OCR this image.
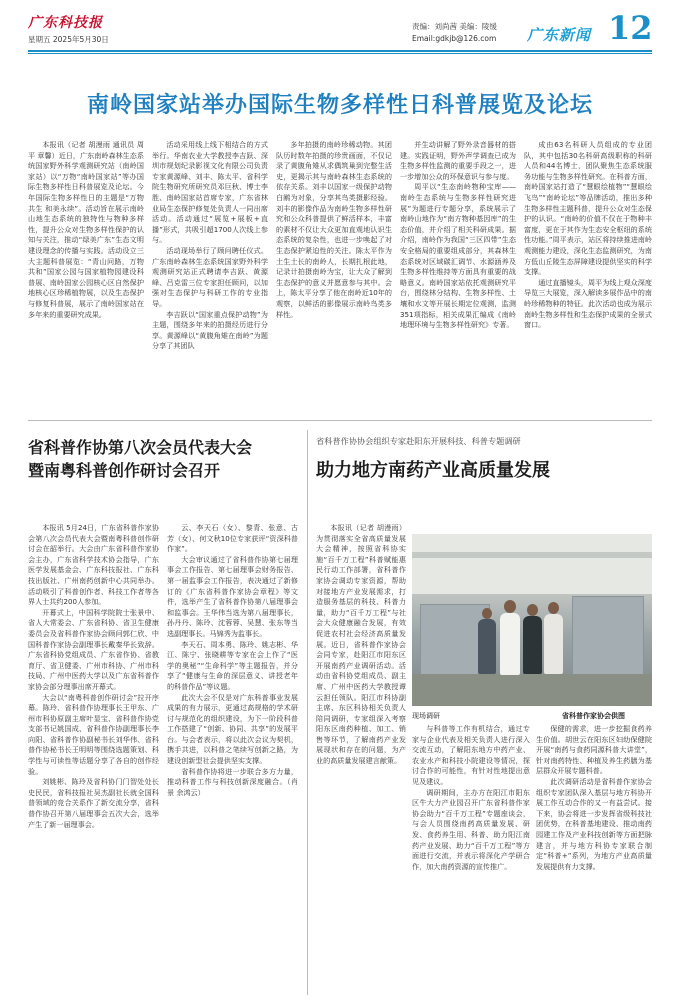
广东科技报
星期五 2025年5月30日
责编：刘尚茜 美编：陵缓
Email:gdkjb@126.com 广东新闻 12
南岭国家站举办国际生物多样性日科普展览及论坛

本报讯（记者 胡漫雨 通讯员 周平 章馨）近日，广东南岭森林生态系统国家野外科学观测研究站（南岭国家站）以“万物“南岭国家站”等办国际生物多样性日科普展览及论坛。今年国际生物多样性日的主题是“万物共生 和美永续”。活动旨在展示南岭山地生态系统的独特性与物种多样性，提升公众对生物多样性保护的认知与关注，推动“绿美广东”生态文明建设理念的传播与实践。活动设立三大主题科普展览：“青山问路，万物共和”国家公园与国家植物园建设科普展、南岭国家公园核心区自然保护地核心区珍稀植物展，以及生态保护与修复科普展，展示了南岭国家站在多年来的重要研究成果。

活动采用线上线下相结合的方式举行。华南农业大学教授李吉跃、深圳市规划纪录影视文化有限公司负责专家黄源峰、刘丰、陈太平、省科学院生物研究所研究员邓巨秋、博士李胜、南岭国家站首席专家，广东省林业局生态保护修复处负责人一同出席活动。活动通过“展览+展板+直播”形式，共吸引超1700人次线上参与。

活动现场举行了顾问聘任仪式。广东南岭森林生态系统国家野外科学观测研究站正式聘请李吉跃、黄源峰、吕克雷三位专家担任顾问，以加强对生态保护与科研工作的专业指导。

李吉跃以“国家重点保护动物”为主题，围绕多年来的拍摄经历进行分享。黄源峰以“黄腹角雉在南岭”为题分享了其团队

多年拍摄的南岭珍稀动物。其团队历时数年拍摄的珍贵画面，不仅记录了黄腹角雉从求偶筑巢到完整生活史，更揭示其与南岭森林生态系统的依存关系。刘丰以国家一级保护动物白鹇为对象，分享其鸟类摄影经验。刘丰的影像作品为南岭生物多样性研究和公众科普提供了鲜活样本，丰富的素材不仅让大众更加直观地认识生态系统的复杂性，也进一步唤起了对生态保护紧迫性的关注。陈太平作为土生土长的南岭人，长期扎根此地，记录计拍摄南岭为宝，让大众了解到生态保护的意义并愿意参与其中。会上，陈太平分享了他在南岭近10年的观察，以鲜活的影像展示南岭鸟类多样性。

并生动讲解了野外录音器材的搭建。实践证明，野外声学调查已成为生物多样性监测的重要手段之一，进一步增加公众的环保意识与参与度。

周平以“生态南岭物种宝库——南岭生态系统与生物多样性研究进展”为题进行专题分享，系统展示了南岭山地作为“南方物种基因库”的生态价值，并介绍了相关科研成果。据介绍，南岭作为我国“三区四带”生态安全格局的重要组成部分，其森林生态系统对区域碳汇调节、水源涵养及生物多样性维持等方面具有重要的战略意义。南岭国家站依托观测研究平台，围绕林分结构、生物多样性、土壤和水文等开展长期定位观测，监测351项指标，相关成果汇编成《南岭地理环境与生物多样性研究》专著。

成由63名科研人员组成的专业团队，其中包括30名科研高级职称的科研人员和44名博士，团队聚焦生态系统服务功能与生物多样性研究。在科普方面，南岭国家站打造了“慧眼绘植物”“慧眼绘飞鸟”“南岭论坛”等品牌活动，推出多种生物多样性主题科普，提升公众对生态保护的认识。“南岭的价值不仅在于物种丰富度，更在于其作为生态安全枢纽的系统性功能。”周平表示，站区将持续推进南岭观测能力建设，深化生态监测研究，为南方低山丘陵生态屏障建设提供坚实的科学支撑。

通过直播镜头，周平为线上观众深度导览三大展览，深入解读多展作品中的南岭珍稀物种的特征。此次活动也成为展示南岭生物多样性和生态保护成果的全景式窗口。

省科普作协第八次会员代表大会
暨南粤科普创作研讨会召开

本报讯 5月24日，广东省科普作家协会第八次会员代表大会暨南粤科普创作研讨会在韶举行。大会由广东省科普作家协会主办，广东省科学技术协会指导，广东医学发展基金会、广东科技报社、广东科技出版社、广州南药创新中心共同举办。活动吸引了科普创作者、科技工作者等各界人士共约200人参加。

开幕式上，中国科学院院士张景中、省人大常委会、广东省科协、省卫生健康委员会及省科普作家协会顾问郭仁欣、中国科普作家协会副理事长戴秦华长致辞。广东省科协党组成员、广东省作协、省教育厅、省卫健委、广州市科协、广州市科技局、广州中医药大学以及广东省科普作家协会部分理事出席开幕式。

大会以“南粤科普创作研讨会”拉开序幕。陈玲、省科普作协理事长王甲东、广州市科协原副主席叶显宝、省科普作协党支部书记姚国成、省科普作协副理事长李向阳、省科普作协副秘书长刘华伟、省科普作协秘书长王明明等围绕选题策划、科学性与可读性等话题分享了各自的创作经验。

刘姚彬、陈玲及省科协门门智处处长史民民，省科技报社吴杰副社长就全国科普领域的竞合关系作了新交流分享，省科普作协召开第八届理事会五次大会，选举产生了新一届理事会。

云、李天石（女）、黎青、张意、古芳（女）、何文秋10位专家获评“资深科普作家”。

大会审议通过了省科普作协第七届理事会工作报告、第七届理事会财务报告、第一届监事会工作报告，表决通过了新修订的《广东省科普作家协会章程》等文件，选举产生了省科普作协第八届理事会和监事会。王华伟当选为第八届理事长，孙丹丹、陈玲、沈蓉蓉、吴慧、张东等当选副理事长。马锦秀为监事长。

李天石、周本勇、陈玲、姚志彬、华江、陈宁、张晓耕等专家在会上作了“医学的奥秘”“生命科学”等主题报告，并分享了“健康与生命的深层意义、讲授老年的科普作品”等议题。

此次大会不仅是对广东科普事业发展成果的有力展示，更通过高规格的学术研讨与规范化的组织建设，为下一阶段科普工作搭建了“创新、协同、共享”的发展平台。与会者表示，将以此次会议为契机，携手共进，以科普之笔续写创新之路，为建设创新型社会提供坚实支撑。

省科普作协将进一步联合多方力量，推动科普工作与科技创新深度融合。（肖景 余鸿云）

省科普作协协会组织专家赴阳东开展科技、科普专题调研
助力地方南药产业高质量发展

本报讯（记者 胡漫雨）为贯彻落实全省高质量发展大会精神，按照省科协实施“百千万工程”科普赋能惠民行动工作部署，省科普作家协会调动专家资源，帮助对接地方产业发展需求，打造服务基层的科技、科普力量，助力“百千万工程”与社会大众健康融合发展，有效促进农村社会经济高质量发展。近日，省科普作家协会会同专家，赴阳江市阳东区开展南药产业调研活动。活动由省科协党组成员、副主席、广州中医药大学教授谭云担任领队。阳江市科协副主席、东区科协相关负责人陪同调研，专家组深入考察阳东区南药种植、加工、销售等环节，了解南药产业发展现状和存在的问题，为产业的高质量发展建言献策。

现场调研	省科普作家协会供图

与科普等工作有机结合，通过专家与企业代表及相关负责人进行深入交流互动，了解阳东地方中药产业、农业水产和科技小院建设等情况，探讨合作的可能性，有针对性地提出意见及建议。

调研期间，主办方在阳江市阳东区牛大力产业园召开广东省科普作家协会助力“百千万工程”专题座谈会，与会人员围绕南药高质量发展、研发、食药养生用、科普、助力阳江南药产业发展、助力“百千万工程”等方面进行交流，并表示将深化产学研合作，加大南药资源的宣传推广。

保健的需求，进一步挖掘食药养生价值。胡世云在阳东区妇幼保健院开展“南药与食药同源科普大讲堂”，针对南药特性、种植及养生药膳为基层群众开展专题科普。

此次调研活动是省科普作家协会组织专家团队深入基层与地方科协开展工作互动合作的又一有益尝试。接下来，协会将进一步发挥省级科技社团优势，在科普基地建设、推动南药园建工作及产业科技创新等方面把脉建言，并与地方科协专家联合制定“科普+”系列，为地方产业高质量发展提供有力支撑。
